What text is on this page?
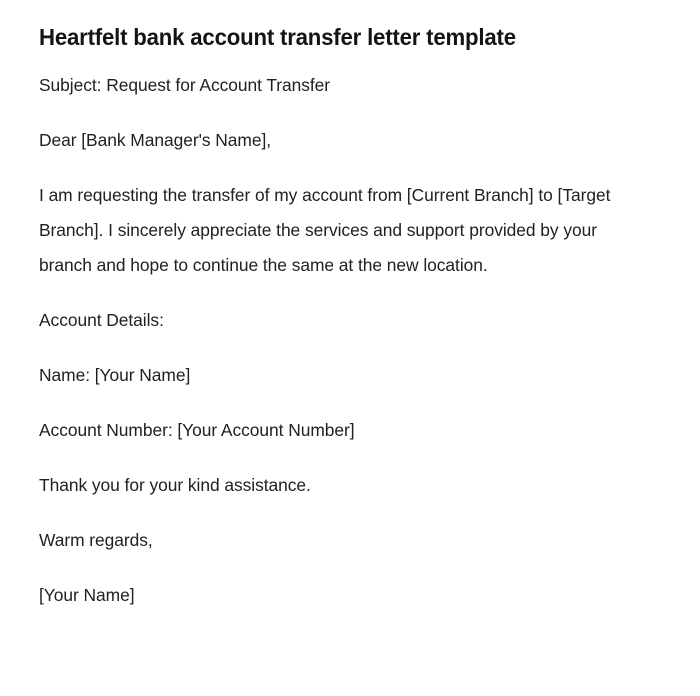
Heartfelt bank account transfer letter template

Subject: Request for Account Transfer

Dear [Bank Manager's Name],

I am requesting the transfer of my account from [Current Branch] to [Target Branch]. I sincerely appreciate the services and support provided by your branch and hope to continue the same at the new location.

Account Details:

Name: [Your Name]

Account Number: [Your Account Number]

Thank you for your kind assistance.

Warm regards,

[Your Name]
